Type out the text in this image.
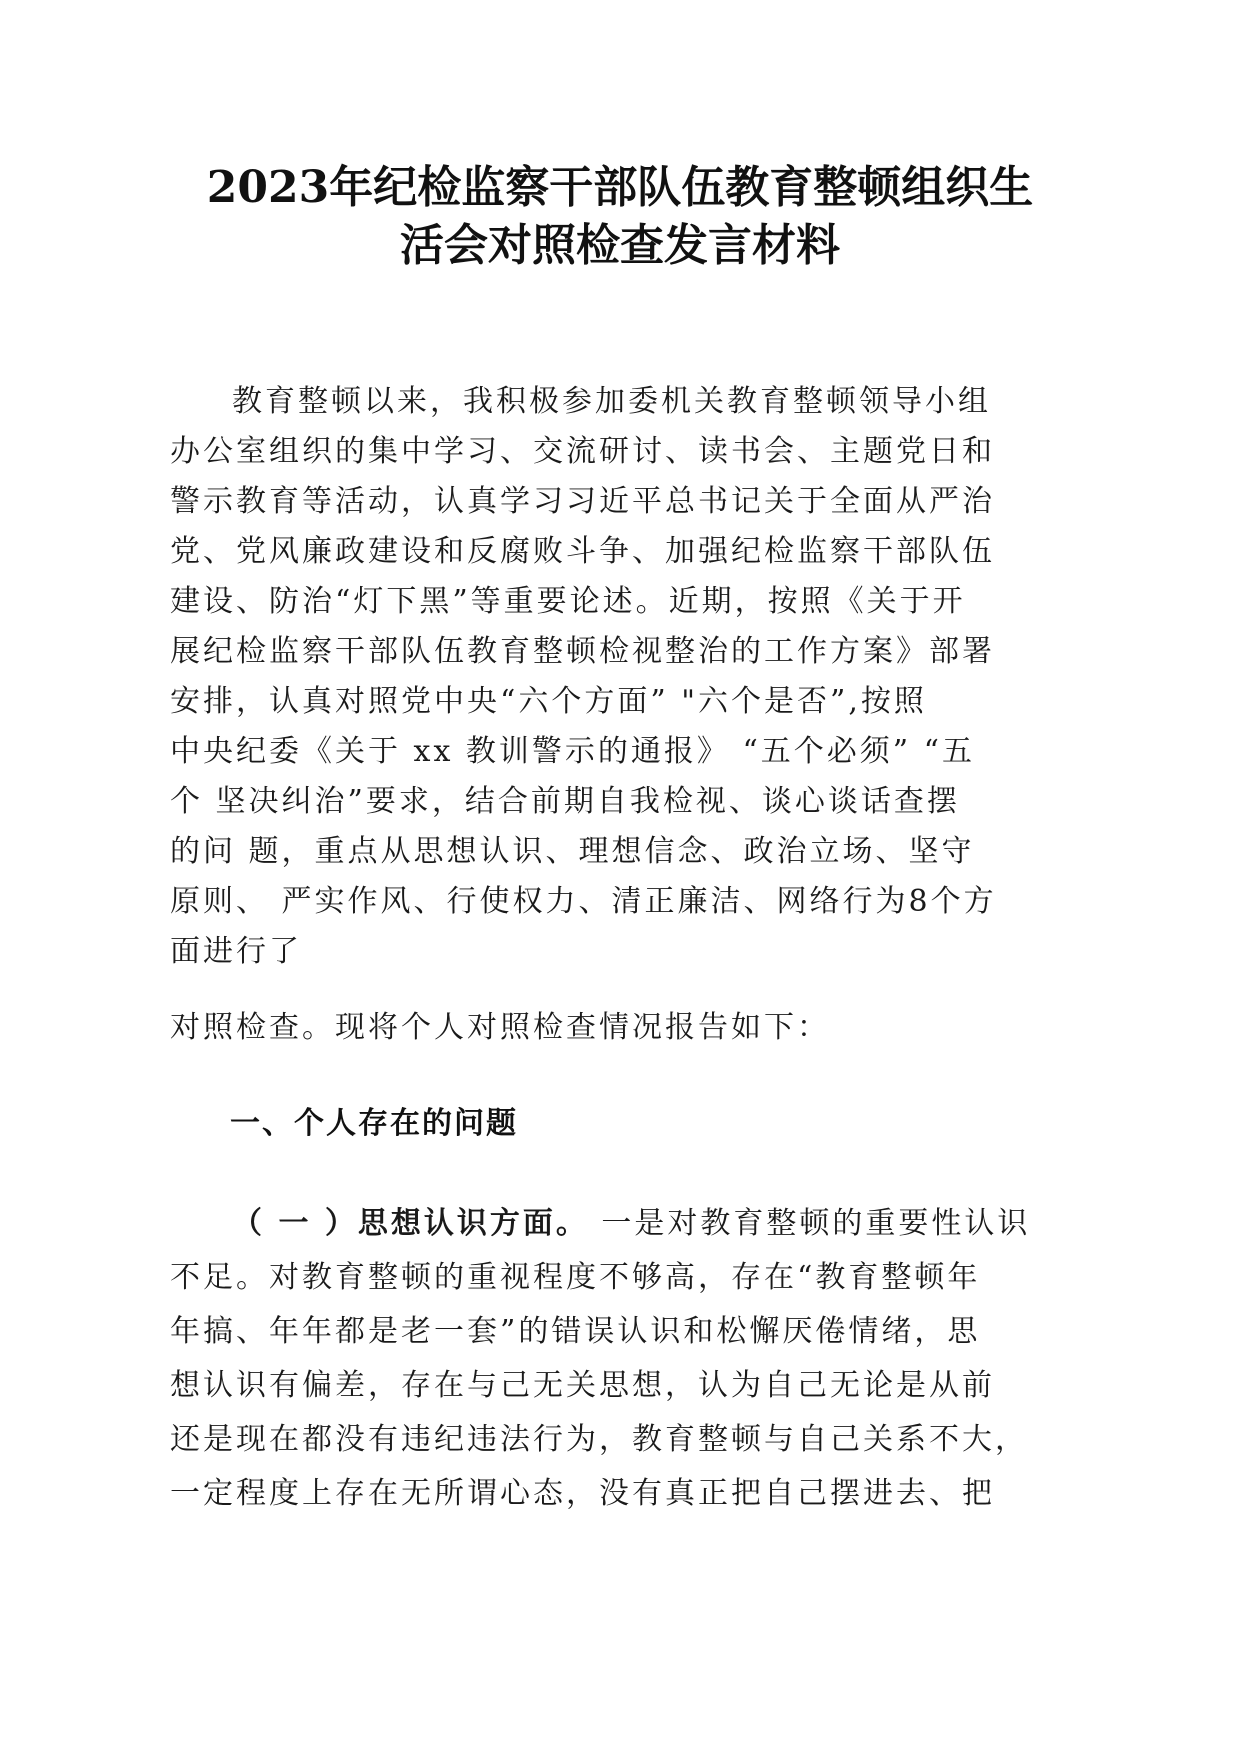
2023年纪检监察干部队伍教育整顿组织生
活会对照检查发言材料
教育整顿以来，我积极参加委机关教育整顿领导小组
办公室组织的集中学习、交流研讨、读书会、主题党日和
警示教育等活动，认真学习习近平总书记关于全面从严治
党、党风廉政建设和反腐败斗争、加强纪检监察干部队伍
建设、防治“灯下黑”等重要论述。近期，按照《关于开
展纪检监察干部队伍教育整顿检视整治的工作方案》部署
安排，认真对照党中央“六个方面” "六个是否”,按照
中央纪委《关于 xx 教训警示的通报》 “五个必须” “五
个 坚决纠治”要求，结合前期自我检视、谈心谈话查摆
的问 题，重点从思想认识、理想信念、政治立场、坚守
原则、 严实作风、行使权力、清正廉洁、网络行为8个方
面进行了
对照检查。现将个人对照检查情况报告如下：
一、个人存在的问题
（ 一 ）思想认识方面。 一是对教育整顿的重要性认识
不足。对教育整顿的重视程度不够高，存在“教育整顿年
年搞、年年都是老一套”的错误认识和松懈厌倦情绪，思
想认识有偏差，存在与己无关思想，认为自己无论是从前
还是现在都没有违纪违法行为，教育整顿与自己关系不大，
一定程度上存在无所谓心态，没有真正把自己摆进去、把
